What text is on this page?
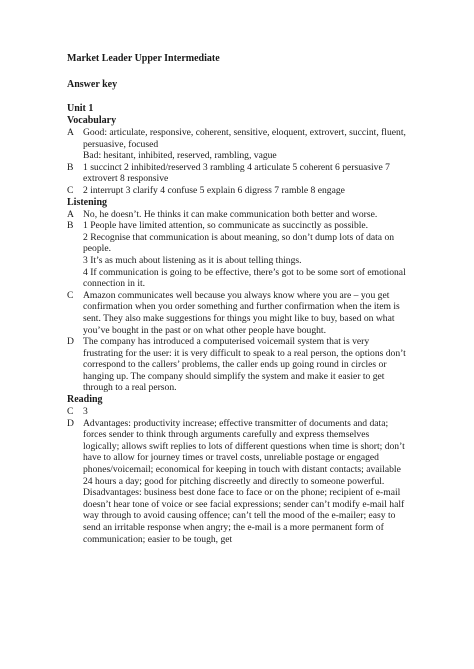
Market Leader Upper Intermediate

Answer key

Unit 1

Vocabulary

A Good: articulate, responsive, coherent, sensitive, eloquent, extrovert, succint, fluent, persuasive, focused

Bad: hesitant, inhibited, reserved, rambling, vague

B 1 succinct 2 inhibited/reserved 3 rambling 4 articulate 5 coherent 6 persuasive 7 extrovert 8 responsive

C 2 interrupt 3 clarify 4 confuse 5 explain 6 digress 7 ramble 8 engage

Listening

A No, he doesn’t. He thinks it can make communication both better and worse.

B 1 People have limited attention, so communicate as succinctly as possible.

2 Recognise that communication is about meaning, so don’t dump lots of data on people.

3 It’s as much about listening as it is about telling things.

4 If communication is going to be effective, there’s got to be some sort of emotional connection in it.

C Amazon communicates well because you always know where you are – you get confirmation when you order something and further confirmation when the item is sent. They also make suggestions for things you might like to buy, based on what you’ve bought in the past or on what other people have bought.

D The company has introduced a computerised voicemail system that is very frustrating for the user: it is very difficult to speak to a real person, the options don’t correspond to the callers’ problems, the caller ends up going round in circles or hanging up. The company should simplify the system and make it easier to get through to a real person.

Reading

C 3

D Advantages: productivity increase; effective transmitter of documents and data; forces sender to think through arguments carefully and express themselves logically; allows swift replies to lots of different questions when time is short; don’t have to allow for journey times or travel costs, unreliable postage or engaged phones/voicemail; economical for keeping in touch with distant contacts; available 24 hours a day; good for pitching discreetly and directly to someone powerful.

Disadvantages: business best done face to face or on the phone; recipient of e-mail doesn’t hear tone of voice or see facial expressions; sender can’t modify e-mail half way through to avoid causing offence; can’t tell the mood of the e-mailer; easy to send an irritable response when angry; the e-mail is a more permanent form of communication; easier to be tough, get
